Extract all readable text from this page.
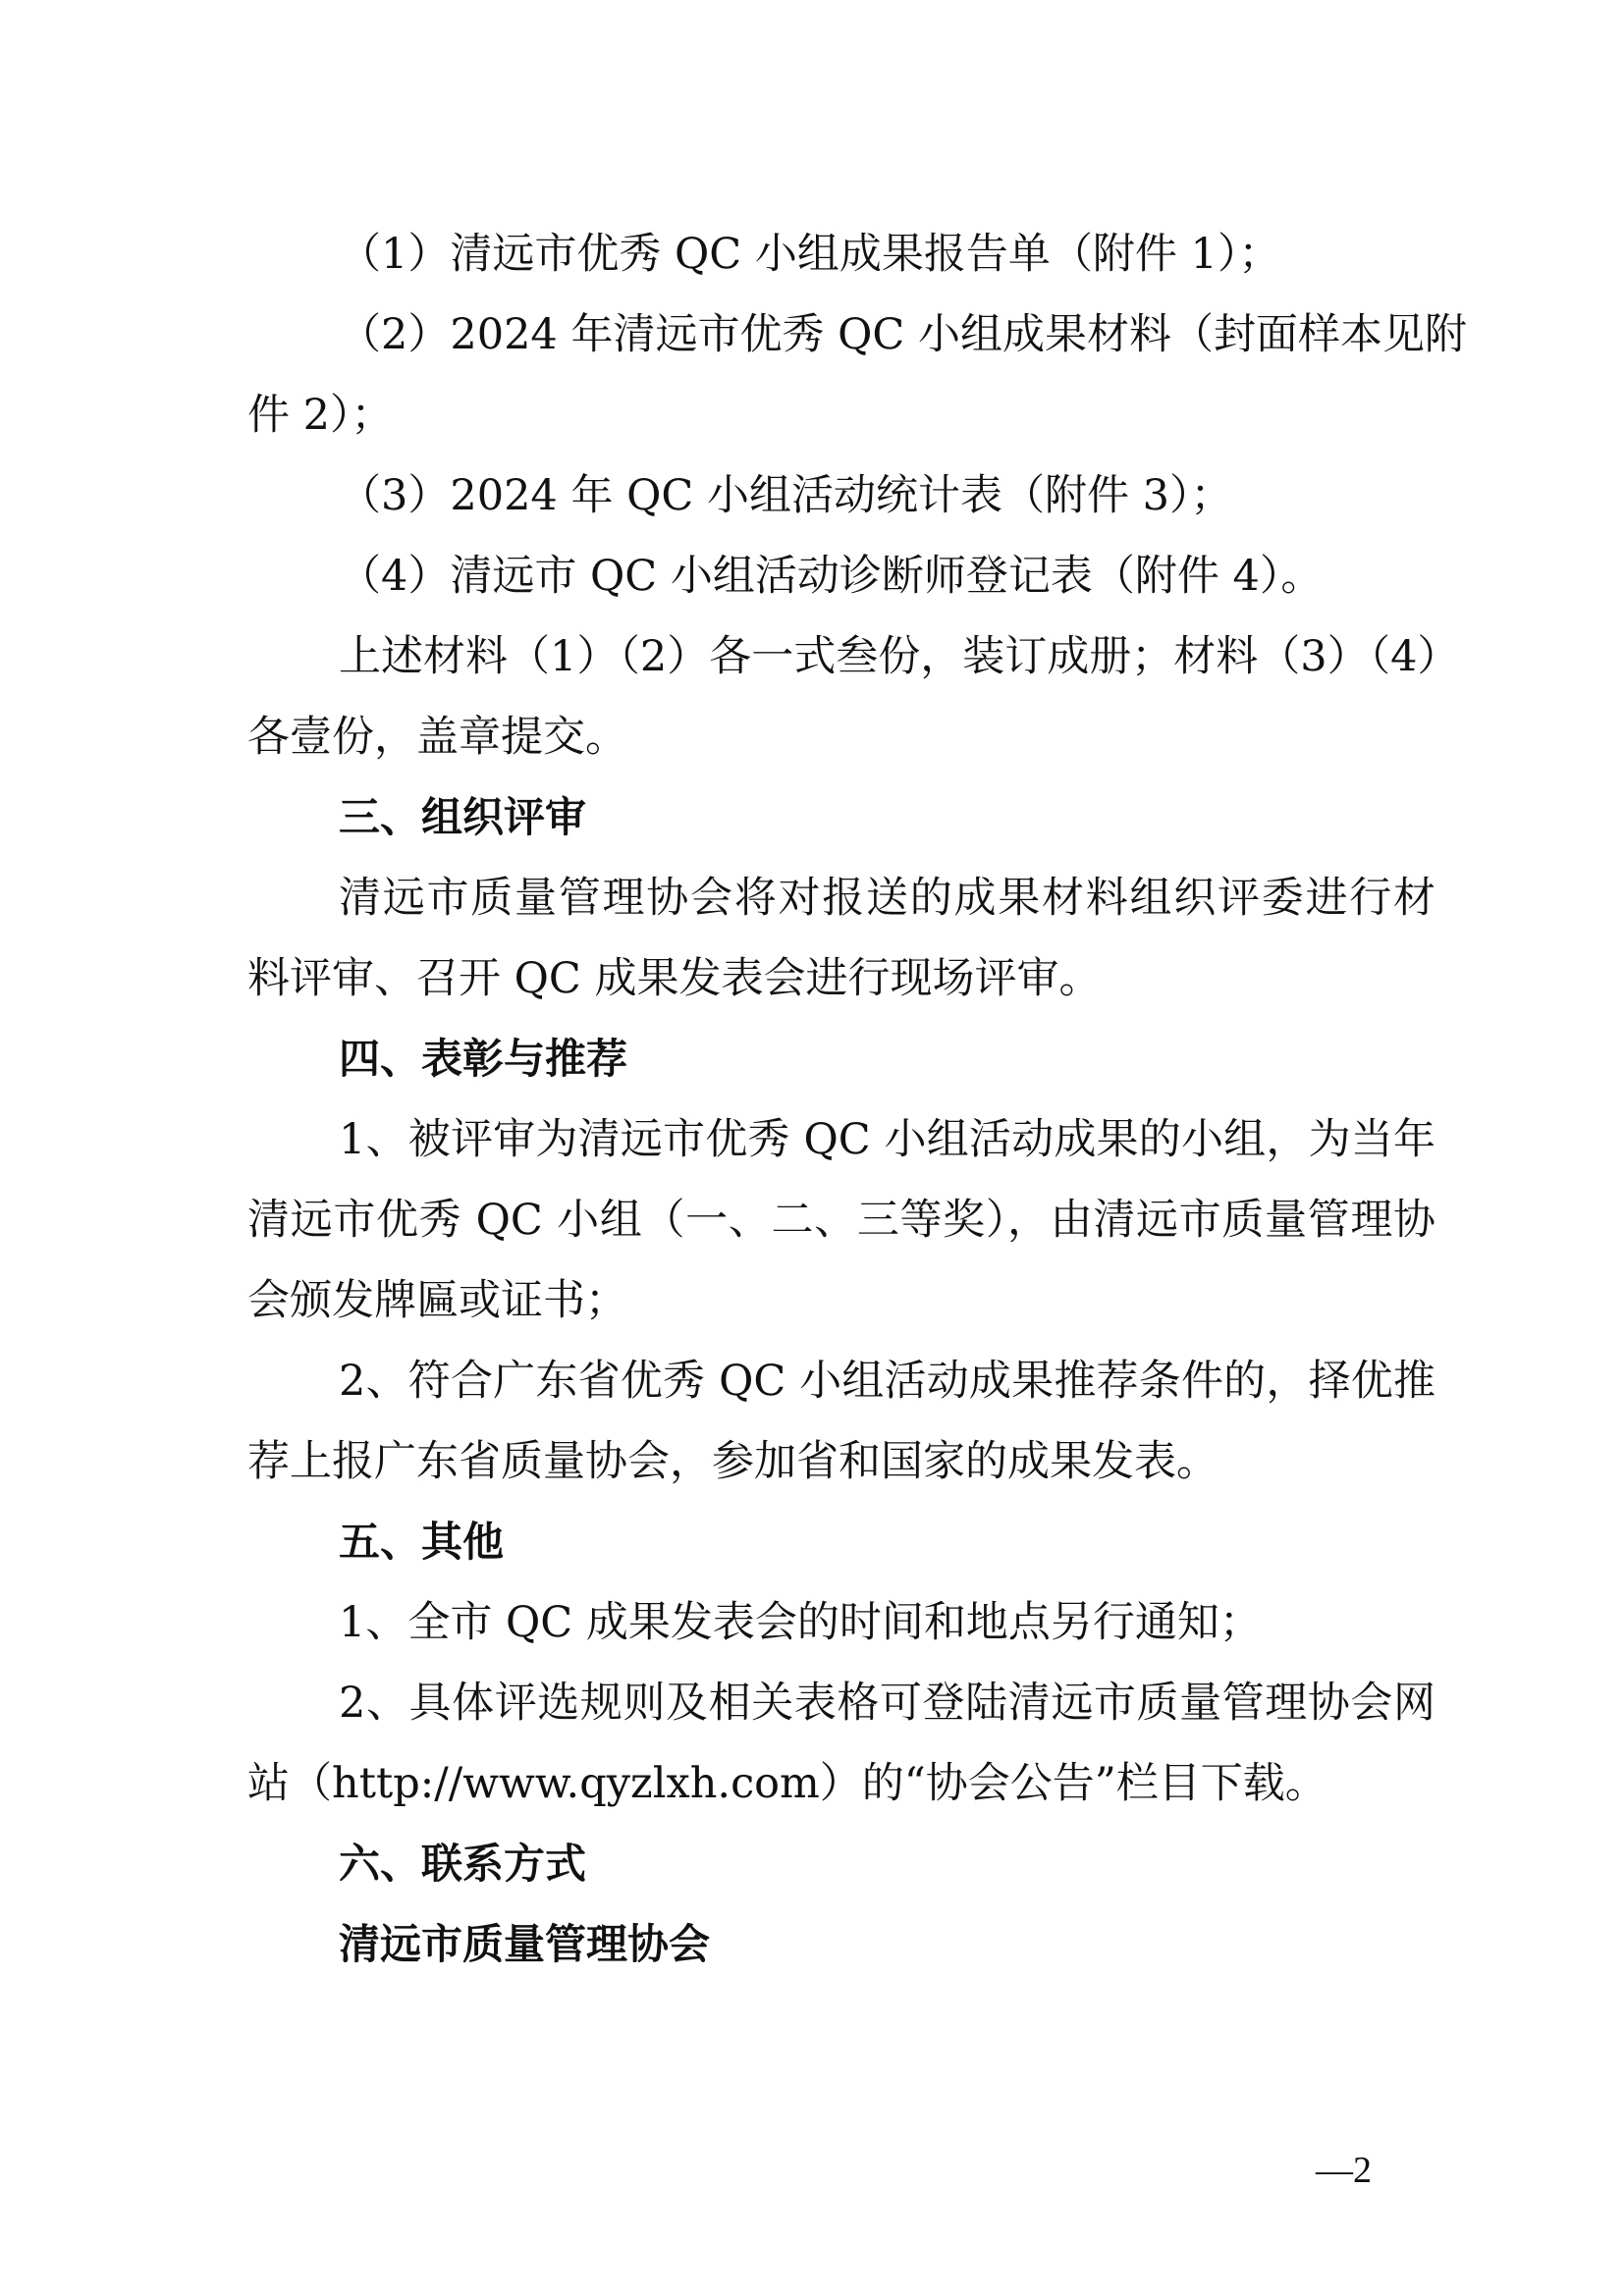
（1）清远市优秀 QC 小组成果报告单（附件 1）；
（2）2024 年清远市优秀 QC 小组成果材料（封面样本见附
件 2）；
（3）2024 年 QC 小组活动统计表（附件 3）；
（4）清远市 QC 小组活动诊断师登记表（附件 4）。
上述材料（1）（2）各一式叁份，装订成册；材料（3）（4）
各壹份，盖章提交。
三、组织评审
清远市质量管理协会将对报送的成果材料组织评委进行材
料评审、召开 QC 成果发表会进行现场评审。
四、表彰与推荐
1、被评审为清远市优秀 QC 小组活动成果的小组，为当年
清远市优秀 QC 小组（一、二、三等奖），由清远市质量管理协
会颁发牌匾或证书；
2、符合广东省优秀 QC 小组活动成果推荐条件的，择优推
荐上报广东省质量协会，参加省和国家的成果发表。
五、其他
1、全市 QC 成果发表会的时间和地点另行通知；
2、具体评选规则及相关表格可登陆清远市质量管理协会网
站（http://www.qyzlxh.com）的“协会公告”栏目下载。
六、联系方式
清远市质量管理协会
—2
